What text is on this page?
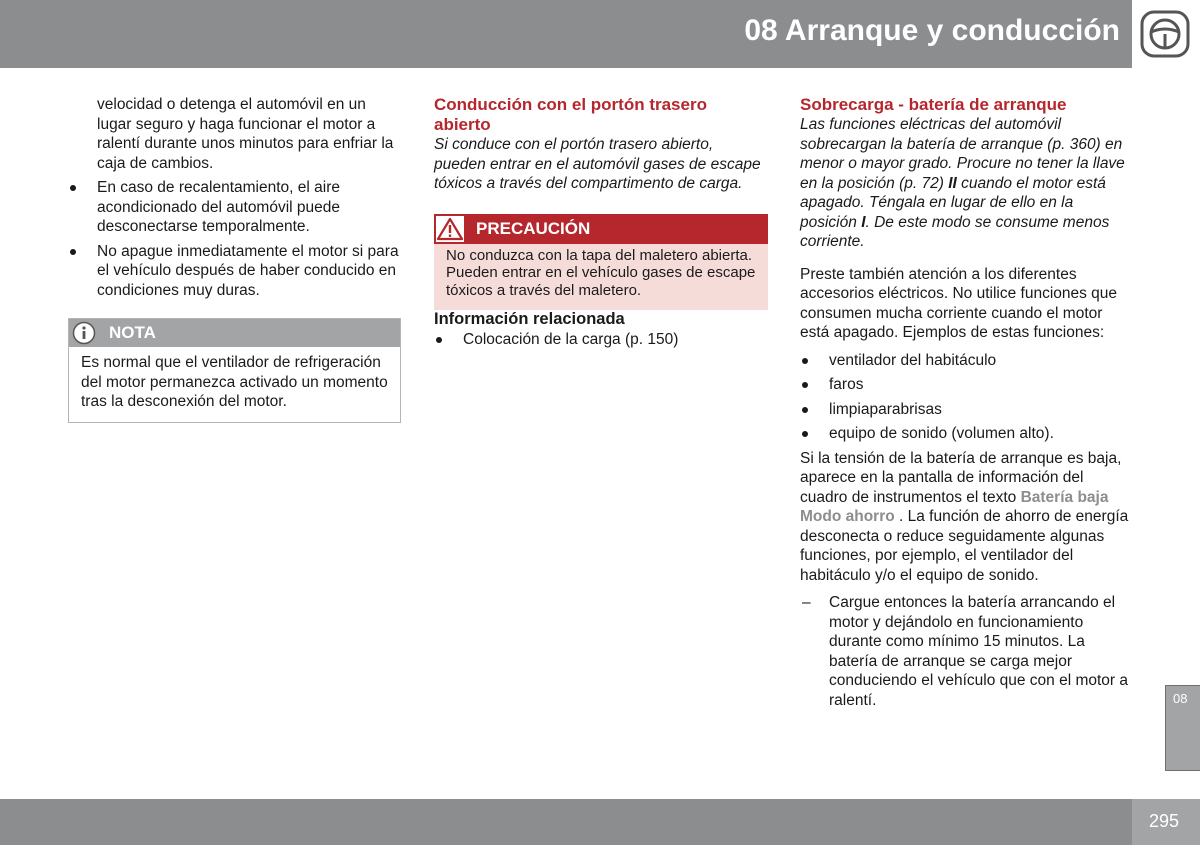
08 Arranque y conducción

velocidad o detenga el automóvil en un lugar seguro y haga funcionar el motor a ralentí durante unos minutos para enfriar la caja de cambios.

En caso de recalentamiento, el aire acondicionado del automóvil puede desconectarse temporalmente.
No apague inmediatamente el motor si para el vehículo después de haber conducido en condiciones muy duras.
NOTA
Es normal que el ventilador de refrigeración del motor permanezca activado un momento tras la desconexión del motor.

Conducción con el portón trasero abierto

Si conduce con el portón trasero abierto, pueden entrar en el automóvil gases de escape tóxicos a través del compartimento de carga.

PRECAUCIÓN
No conduzca con la tapa del maletero abierta. Pueden entrar en el vehículo gases de escape tóxicos a través del maletero.

Información relacionada

Colocación de la carga (p. 150)

Sobrecarga - batería de arranque

Las funciones eléctricas del automóvil sobrecargan la batería de arranque (p. 360) en menor o mayor grado. Procure no tener la llave en la posición (p. 72) II cuando el motor está apagado. Téngala en lugar de ello en la posición I. De este modo se consume menos corriente.

Preste también atención a los diferentes accesorios eléctricos. No utilice funciones que consumen mucha corriente cuando el motor está apagado. Ejemplos de estas funciones:

ventilador del habitáculo
faros
limpiaparabrisas
equipo de sonido (volumen alto).

Si la tensión de la batería de arranque es baja, aparece en la pantalla de información del cuadro de instrumentos el texto Batería baja Modo ahorro . La función de ahorro de energía desconecta o reduce seguidamente algunas funciones, por ejemplo, el ventilador del habitáculo y/o el equipo de sonido.

– Cargue entonces la batería arrancando el motor y dejándolo en funcionamiento durante como mínimo 15 minutos. La batería de arranque se carga mejor conduciendo el vehículo que con el motor a ralentí.	08
295
